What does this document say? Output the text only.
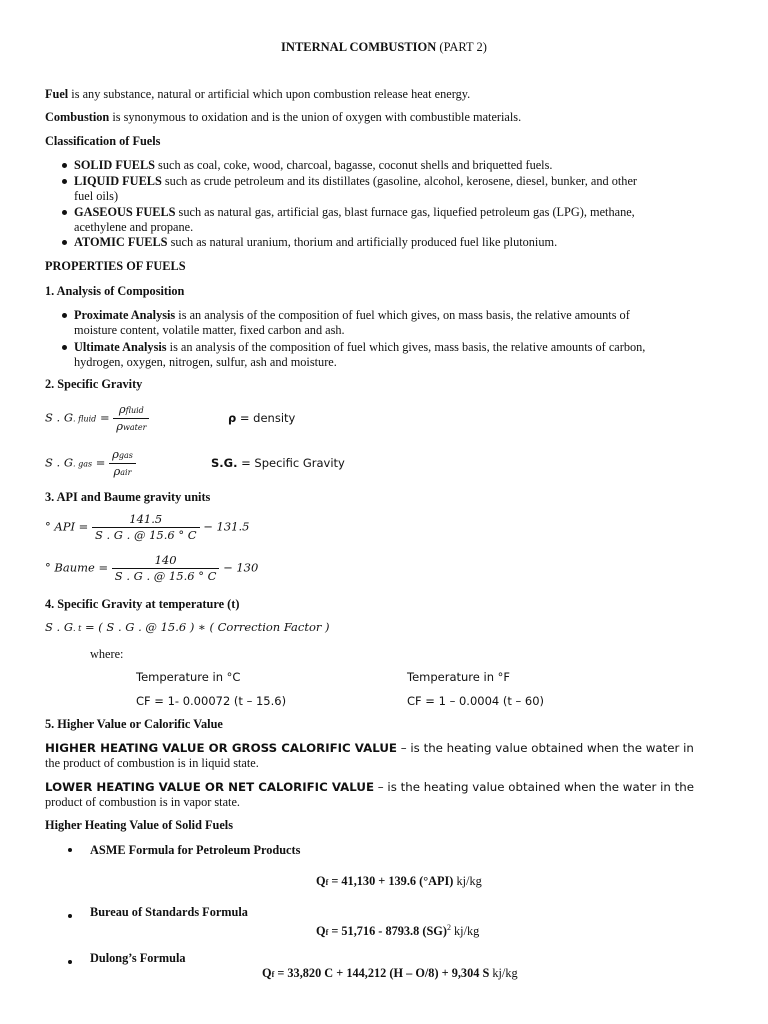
INTERNAL COMBUSTION (PART 2)
Fuel is any substance, natural or artificial which upon combustion release heat energy.
Combustion is synonymous to oxidation and is the union of oxygen with combustible materials.
Classification of Fuels
SOLID FUELS such as coal, coke, wood, charcoal, bagasse, coconut shells and briquetted fuels.
LIQUID FUELS such as crude petroleum and its distillates (gasoline, alcohol, kerosene, diesel, bunker, and other
fuel oils)
GASEOUS FUELS such as natural gas, artificial gas, blast furnace gas, liquefied petroleum gas (LPG), methane,
acethylene and propane.
ATOMIC FUELS such as natural uranium, thorium and artificially produced fuel like plutonium.
PROPERTIES OF FUELS
1. Analysis of Composition
Proximate Analysis is an analysis of the composition of fuel which gives, on mass basis, the relative amounts of
moisture content, volatile matter, fixed carbon and ash.
Ultimate Analysis is an analysis of the composition of fuel which gives, mass basis, the relative amounts of carbon,
hydrogen, oxygen, nitrogen, sulfur, ash and moisture.
2. Specific Gravity
S . G. fluid = $\frac{\text{ρfluid}}{\text{ρwater}}$	ρ = density
S . G. gas = $\frac{\text{ρgas}}{\text{ρair}}$	S.G. = Specific Gravity
3. API and Baume gravity units
° API = $\frac{141.5}{S . G . @ 15.6 ^\circ C} - 131.5$
° Baume = $\frac{140}{S . G . @ 15.6 ^\circ C} - 130$
4. Specific Gravity at temperature (t)
S . G. t = ( S . G . @ 15.6 ) ∗ ( Correction Factor )
where:
Temperature in °C	Temperature in °F
CF = 1- 0.00072 (t – 15.6)	CF = 1 – 0.0004 (t – 60)
5. Higher Value or Calorific Value
HIGHER HEATING VALUE OR GROSS CALORIFIC VALUE – is the heating value obtained when the water in
the product of combustion is in liquid state.
LOWER HEATING VALUE OR NET CALORIFIC VALUE – is the heating value obtained when the water in the
product of combustion is in vapor state.
Higher Heating Value of Solid Fuels
ASME Formula for Petroleum Products
Qf = 41,130 + 139.6 (°API) kj/kg
Bureau of Standards Formula
Qf = 51,716 - 8793.8 (SG)$^2$ kj/kg
Dulong’s Formula
Qf = 33,820 C + 144,212 (H – O/8) + 9,304 S kj/kg
